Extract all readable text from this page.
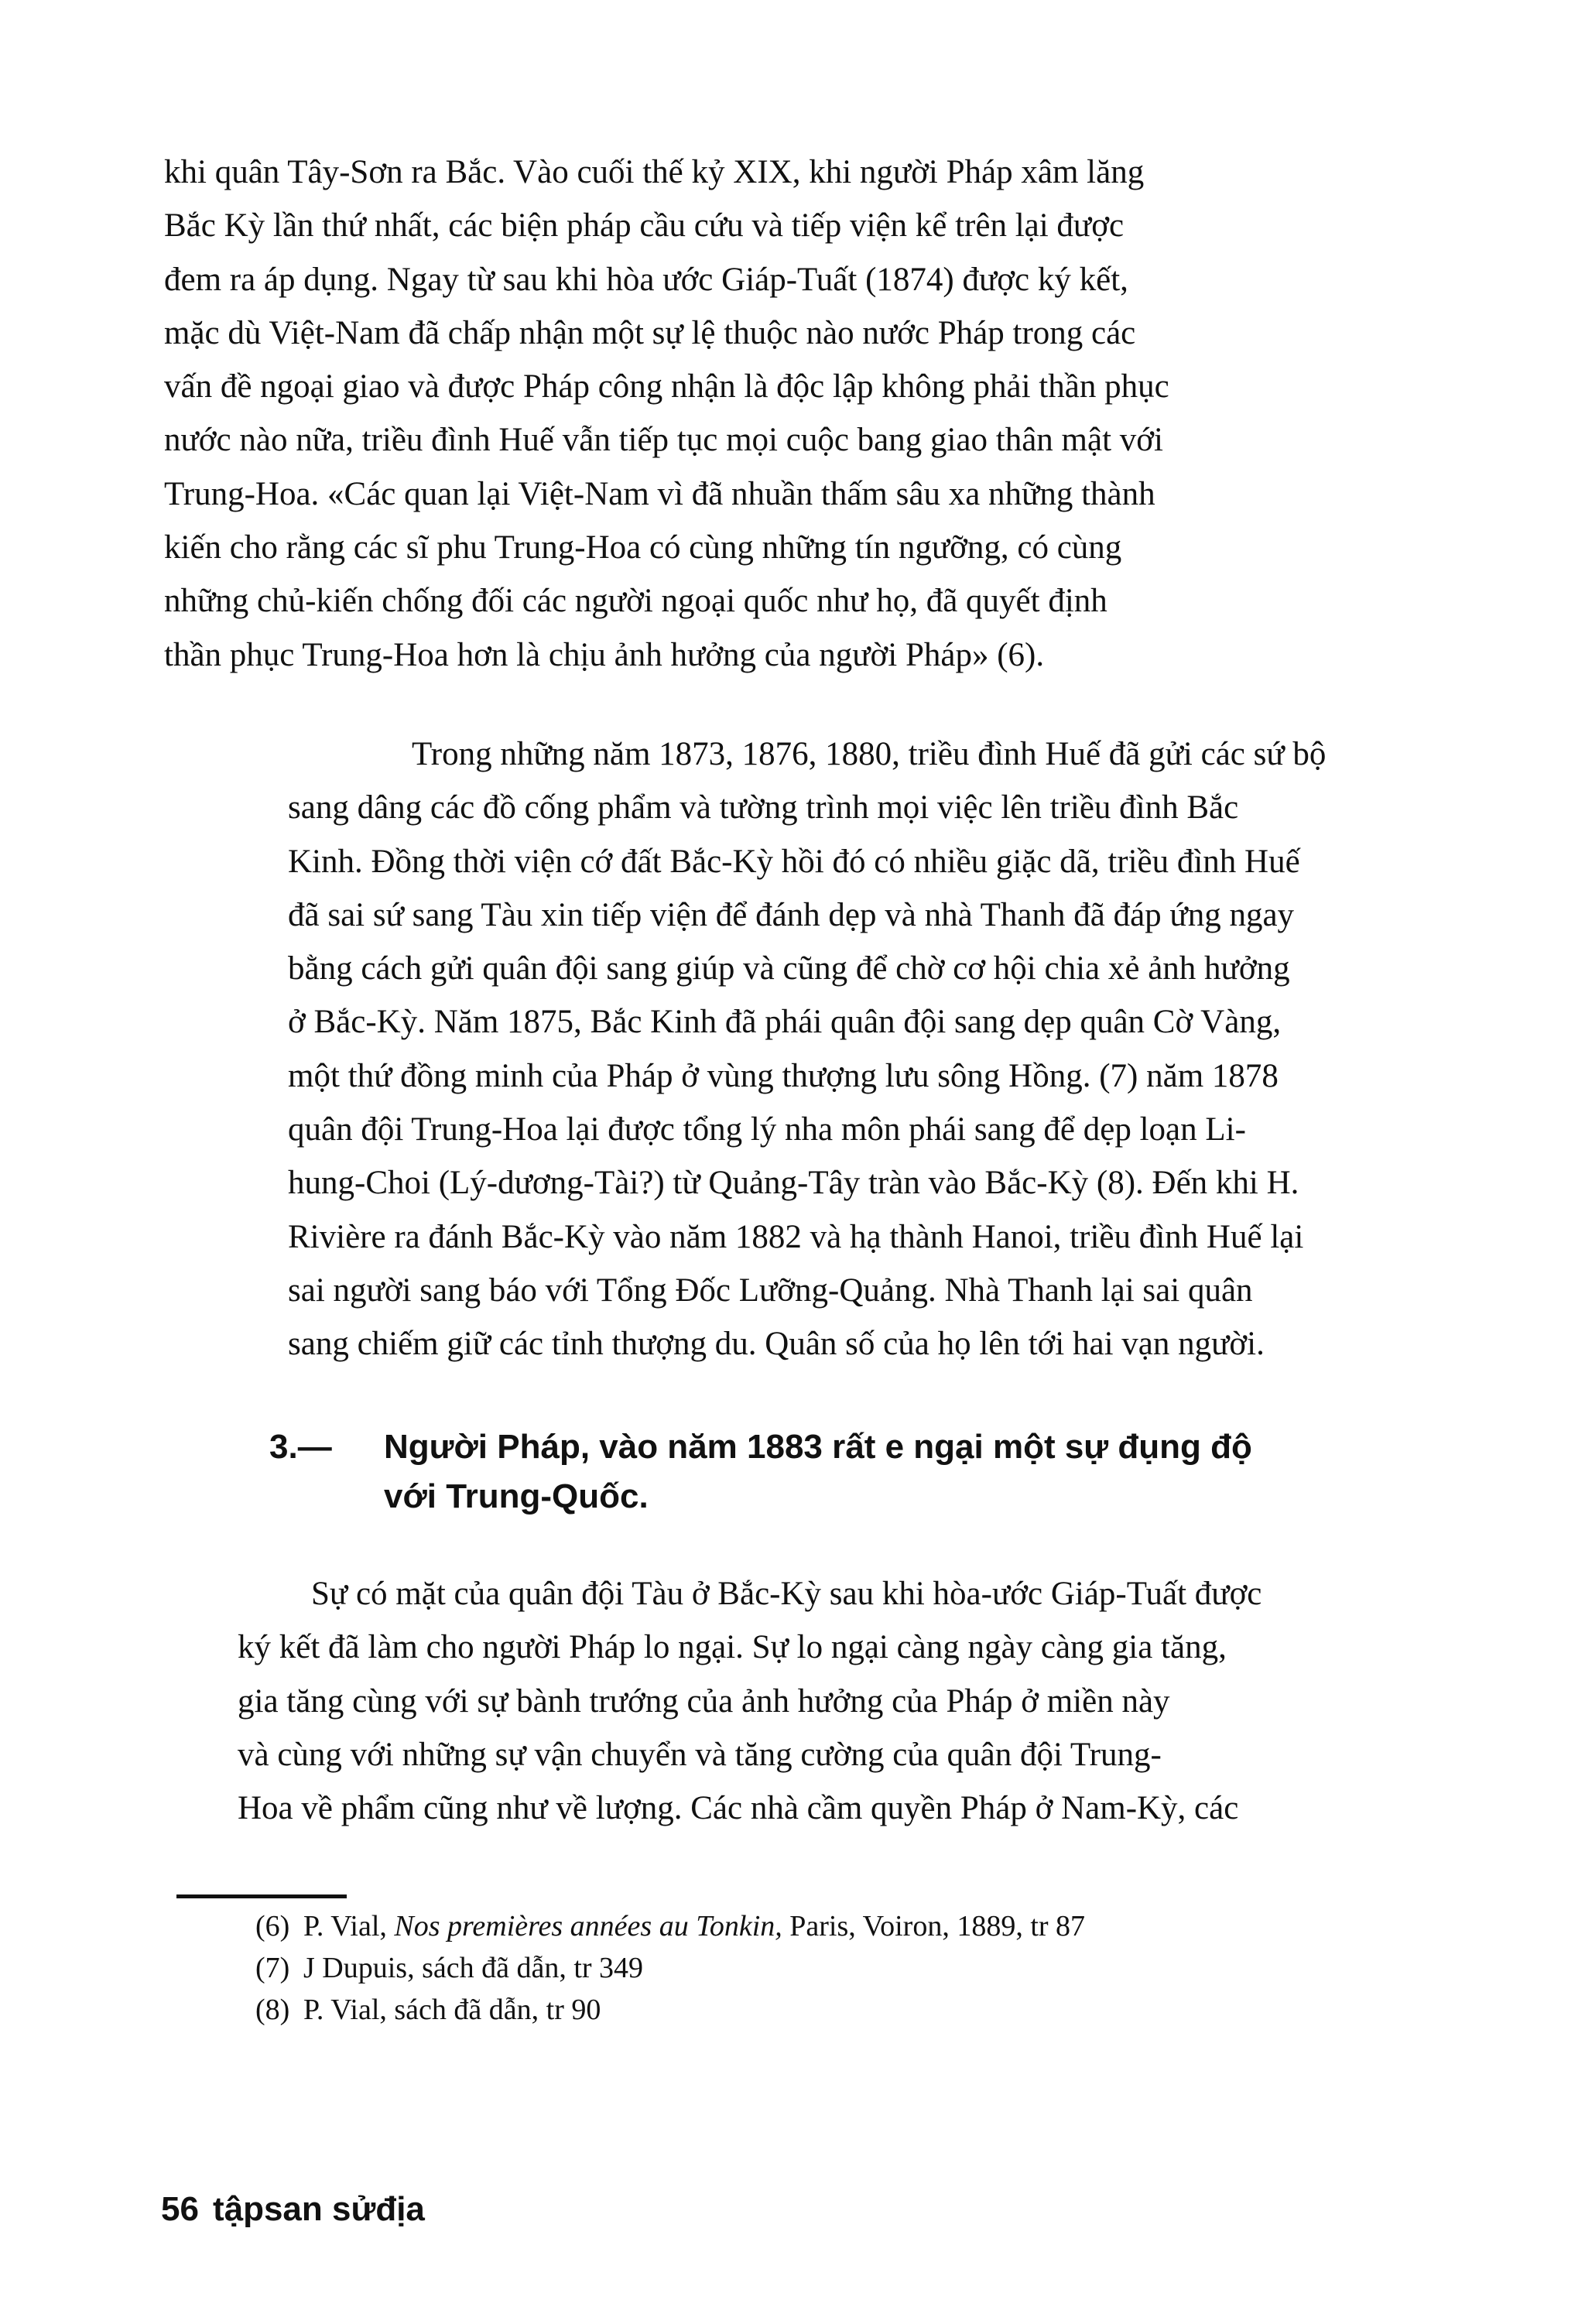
khi quân Tây-Sơn ra Bắc. Vào cuối thế kỷ XIX, khi người Pháp xâm lăng
Bắc Kỳ lần thứ nhất, các biện pháp cầu cứu và tiếp viện kể trên lại được
đem ra áp dụng. Ngay từ sau khi hòa ước Giáp-Tuất (1874) được ký kết,
mặc dù Việt-Nam đã chấp nhận một sự lệ thuộc nào nước Pháp trong các
vấn đề ngoại giao và được Pháp công nhận là độc lập không phải thần phục
nước nào nữa, triều đình Huế vẫn tiếp tục mọi cuộc bang giao thân mật với
Trung-Hoa. «Các quan lại Việt-Nam vì đã nhuần thấm sâu xa những thành
kiến cho rằng các sĩ phu Trung-Hoa có cùng những tín ngưỡng, có cùng
những chủ-kiến chống đối các người ngoại quốc như họ, đã quyết định
thần phục Trung-Hoa hơn là chịu ảnh hưởng của người Pháp» (6).
Trong những năm 1873, 1876, 1880, triều đình Huế đã gửi các sứ bộ
sang dâng các đồ cống phẩm và tường trình mọi việc lên triều đình Bắc
Kinh. Đồng thời viện cớ đất Bắc-Kỳ hồi đó có nhiều giặc dã, triều đình Huế
đã sai sứ sang Tàu xin tiếp viện để đánh dẹp và nhà Thanh đã đáp ứng ngay
bằng cách gửi quân đội sang giúp và cũng để chờ cơ hội chia xẻ ảnh hưởng
ở Bắc-Kỳ. Năm 1875, Bắc Kinh đã phái quân đội sang dẹp quân Cờ Vàng,
một thứ đồng minh của Pháp ở vùng thượng lưu sông Hồng. (7) năm 1878
quân đội Trung-Hoa lại được tổng lý nha môn phái sang để dẹp loạn Li-
hung-Choi (Lý-dương-Tài?) từ Quảng-Tây tràn vào Bắc-Kỳ (8). Đến khi H.
Rivière ra đánh Bắc-Kỳ vào năm 1882 và hạ thành Hanoi, triều đình Huế lại
sai người sang báo với Tổng Đốc Lưỡng-Quảng. Nhà Thanh lại sai quân
sang chiếm giữ các tỉnh thượng du. Quân số của họ lên tới hai vạn người.
3.— Người Pháp, vào năm 1883 rất e ngại một sự đụng độ
với Trung-Quốc.
Sự có mặt của quân đội Tàu ở Bắc-Kỳ sau khi hòa-ước Giáp-Tuất được
ký kết đã làm cho người Pháp lo ngại. Sự lo ngại càng ngày càng gia tăng,
gia tăng cùng với sự bành trướng của ảnh hưởng của Pháp ở miền này
và cùng với những sự vận chuyển và tăng cường của quân đội Trung-
Hoa về phẩm cũng như về lượng. Các nhà cầm quyền Pháp ở Nam-Kỳ, các
(6) P. Vial, Nos premières années au Tonkin, Paris, Voiron, 1889, tr 87
(7) J Dupuis, sách đã dẫn, tr 349
(8) P. Vial, sách đã dẫn, tr 90
56 tậpsan sửđịa
